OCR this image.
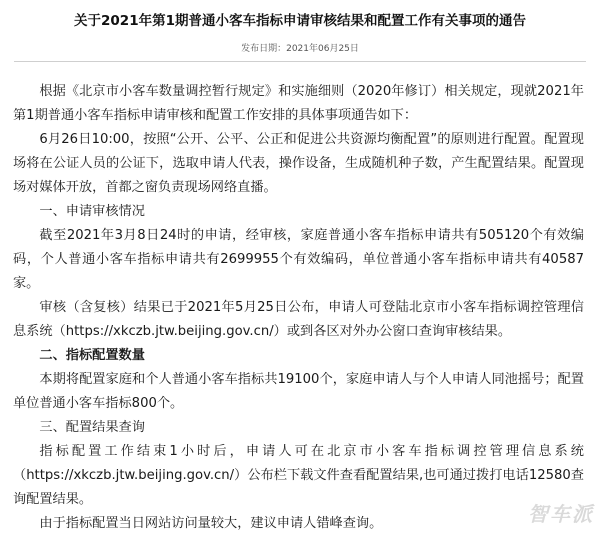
关于2021年第1期普通小客车指标申请审核结果和配置工作有关事项的通告
发布日期：2021年06月25日

根据《北京市小客车数量调控暂行规定》和实施细则（2020年修订）相关规定，现就2021年第1期普通小客车指标申请审核和配置工作安排的具体事项通告如下：

6月26日10:00，按照“公开、公平、公正和促进公共资源均衡配置”的原则进行配置。配置现场将在公证人员的公证下，选取申请人代表，操作设备，生成随机种子数，产生配置结果。配置现场对媒体开放，首都之窗负责现场网络直播。

一、申请审核情况

截至2021年3月8日24时的申请，经审核，家庭普通小客车指标申请共有505120个有效编码，个人普通小客车指标申请共有2699955个有效编码，单位普通小客车指标申请共有40587家。

审核（含复核）结果已于2021年5月25日公布，申请人可登陆北京市小客车指标调控管理信息系统（https://xkczb.jtw.beijing.gov.cn/）或到各区对外办公窗口查询审核结果。

二、指标配置数量

本期将配置家庭和个人普通小客车指标共19100个，家庭申请人与个人申请人同池摇号；配置单位普通小客车指标800个。

三、配置结果查询

指标配置工作结束1小时后，申请人可在北京市小客车指标调控管理信息系统（https://xkczb.jtw.beijing.gov.cn/）公布栏下载文件查看配置结果,也可通过拨打电话12580查询配置结果。

由于指标配置当日网站访问量较大，建议申请人错峰查询。	智车派
